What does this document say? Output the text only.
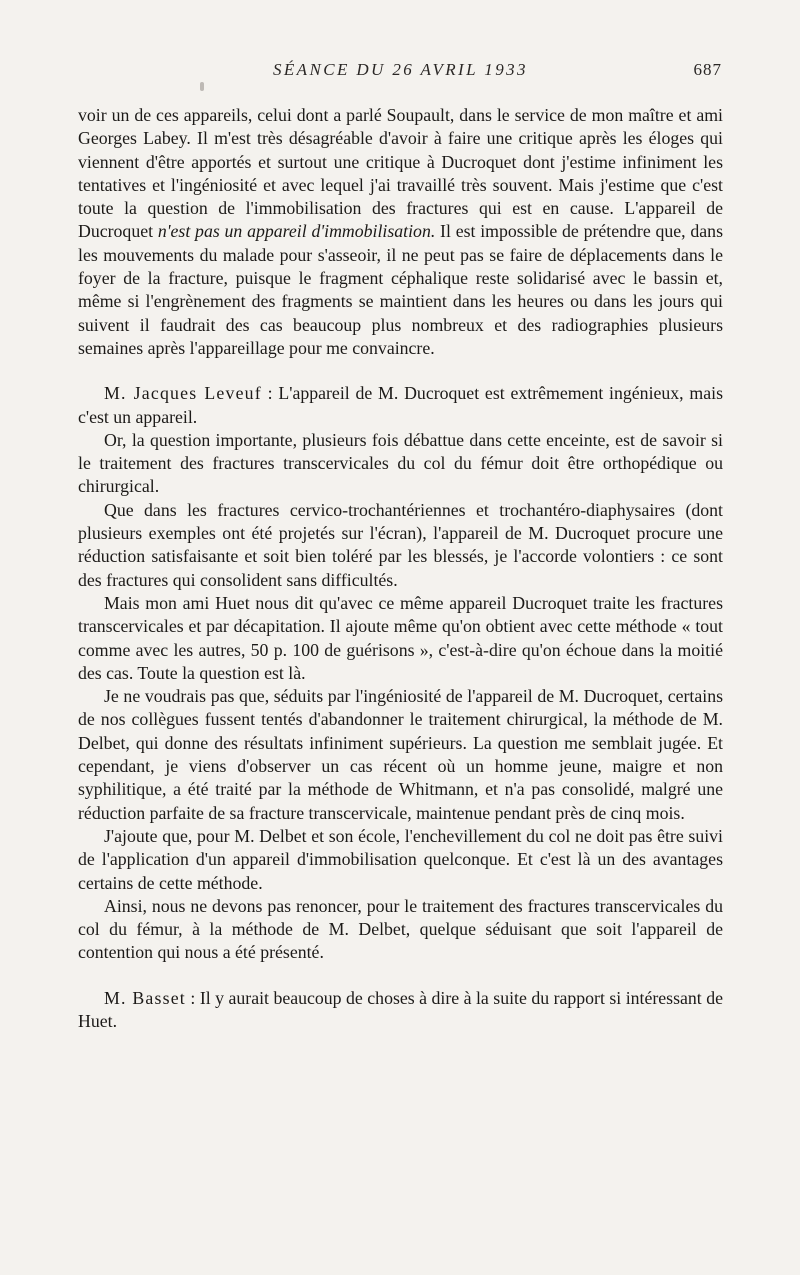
SÉANCE DU 26 AVRIL 1933	687

voir un de ces appareils, celui dont a parlé Soupault, dans le service de mon maître et ami Georges Labey. Il m'est très désagréable d'avoir à faire une critique après les éloges qui viennent d'être apportés et surtout une critique à Ducroquet dont j'estime infiniment les tentatives et l'ingéniosité et avec lequel j'ai travaillé très souvent. Mais j'estime que c'est toute la question de l'immobilisation des fractures qui est en cause. L'appareil de Ducroquet n'est pas un appareil d'immobilisation. Il est impossible de prétendre que, dans les mouvements du malade pour s'asseoir, il ne peut pas se faire de déplacements dans le foyer de la fracture, puisque le fragment céphalique reste solidarisé avec le bassin et, même si l'engrènement des fragments se maintient dans les heures ou dans les jours qui suivent il faudrait des cas beaucoup plus nombreux et des radiographies plusieurs semaines après l'appareillage pour me convaincre.

M. Jacques Leveuf : L'appareil de M. Ducroquet est extrêmement ingénieux, mais c'est un appareil.

Or, la question importante, plusieurs fois débattue dans cette enceinte, est de savoir si le traitement des fractures transcervicales du col du fémur doit être orthopédique ou chirurgical.

Que dans les fractures cervico-trochantériennes et trochantéro-diaphysaires (dont plusieurs exemples ont été projetés sur l'écran), l'appareil de M. Ducroquet procure une réduction satisfaisante et soit bien toléré par les blessés, je l'accorde volontiers : ce sont des fractures qui consolident sans difficultés.

Mais mon ami Huet nous dit qu'avec ce même appareil Ducroquet traite les fractures transcervicales et par décapitation. Il ajoute même qu'on obtient avec cette méthode « tout comme avec les autres, 50 p. 100 de guérisons », c'est-à-dire qu'on échoue dans la moitié des cas. Toute la question est là.

Je ne voudrais pas que, séduits par l'ingéniosité de l'appareil de M. Ducroquet, certains de nos collègues fussent tentés d'abandonner le traitement chirurgical, la méthode de M. Delbet, qui donne des résultats infiniment supérieurs. La question me semblait jugée. Et cependant, je viens d'observer un cas récent où un homme jeune, maigre et non syphilitique, a été traité par la méthode de Whitmann, et n'a pas consolidé, malgré une réduction parfaite de sa fracture transcervicale, maintenue pendant près de cinq mois.

J'ajoute que, pour M. Delbet et son école, l'enchevillement du col ne doit pas être suivi de l'application d'un appareil d'immobilisation quelconque. Et c'est là un des avantages certains de cette méthode.

Ainsi, nous ne devons pas renoncer, pour le traitement des fractures transcervicales du col du fémur, à la méthode de M. Delbet, quelque séduisant que soit l'appareil de contention qui nous a été présenté.

M. Basset : Il y aurait beaucoup de choses à dire à la suite du rapport si intéressant de Huet.
